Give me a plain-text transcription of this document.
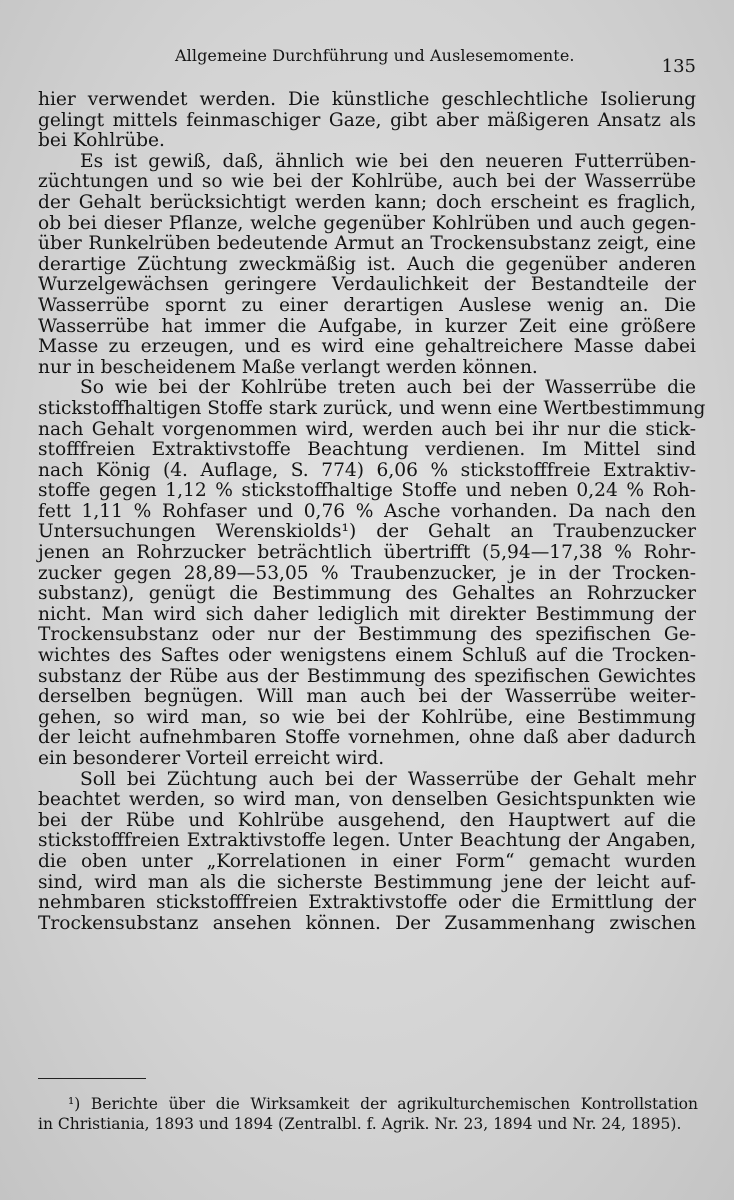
Allgemeine Durchführung und Auslesemomente.
135

hier verwendet werden. Die künstliche geschlechtliche Isolierung
gelingt mittels feinmaschiger Gaze, gibt aber mäßigeren Ansatz als
bei Kohlrübe.

Es ist gewiß, daß, ähnlich wie bei den neueren Futterrüben-
züchtungen und so wie bei der Kohlrübe, auch bei der Wasserrübe
der Gehalt berücksichtigt werden kann; doch erscheint es fraglich,
ob bei dieser Pflanze, welche gegenüber Kohlrüben und auch gegen-
über Runkelrüben bedeutende Armut an Trockensubstanz zeigt, eine
derartige Züchtung zweckmäßig ist. Auch die gegenüber anderen
Wurzelgewächsen geringere Verdaulichkeit der Bestandteile der
Wasserrübe spornt zu einer derartigen Auslese wenig an. Die
Wasserrübe hat immer die Aufgabe, in kurzer Zeit eine größere
Masse zu erzeugen, und es wird eine gehaltreichere Masse dabei
nur in bescheidenem Maße verlangt werden können.

So wie bei der Kohlrübe treten auch bei der Wasserrübe die
stickstoffhaltigen Stoffe stark zurück, und wenn eine Wertbestimmung
nach Gehalt vorgenommen wird, werden auch bei ihr nur die stick-
stofffreien Extraktivstoffe Beachtung verdienen. Im Mittel sind
nach König (4. Auflage, S. 774) 6,06 % stickstofffreie Extraktiv-
stoffe gegen 1,12 % stickstoffhaltige Stoffe und neben 0,24 % Roh-
fett 1,11 % Rohfaser und 0,76 % Asche vorhanden. Da nach den
Untersuchungen Werenskiolds¹) der Gehalt an Traubenzucker
jenen an Rohrzucker beträchtlich übertrifft (5,94—17,38 % Rohr-
zucker gegen 28,89—53,05 % Traubenzucker, je in der Trocken-
substanz), genügt die Bestimmung des Gehaltes an Rohrzucker
nicht. Man wird sich daher lediglich mit direkter Bestimmung der
Trockensubstanz oder nur der Bestimmung des spezifischen Ge-
wichtes des Saftes oder wenigstens einem Schluß auf die Trocken-
substanz der Rübe aus der Bestimmung des spezifischen Gewichtes
derselben begnügen. Will man auch bei der Wasserrübe weiter-
gehen, so wird man, so wie bei der Kohlrübe, eine Bestimmung
der leicht aufnehmbaren Stoffe vornehmen, ohne daß aber dadurch
ein besonderer Vorteil erreicht wird.

Soll bei Züchtung auch bei der Wasserrübe der Gehalt mehr
beachtet werden, so wird man, von denselben Gesichtspunkten wie
bei der Rübe und Kohlrübe ausgehend, den Hauptwert auf die
stickstofffreien Extraktivstoffe legen. Unter Beachtung der Angaben,
die oben unter „Korrelationen in einer Form“ gemacht wurden
sind, wird man als die sicherste Bestimmung jene der leicht auf-
nehmbaren stickstofffreien Extraktivstoffe oder die Ermittlung der
Trockensubstanz ansehen können. Der Zusammenhang zwischen

¹) Berichte über die Wirksamkeit der agrikulturchemischen Kontrollstation
in Christiania, 1893 und 1894 (Zentralbl. f. Agrik. Nr. 23, 1894 und Nr. 24, 1895).
